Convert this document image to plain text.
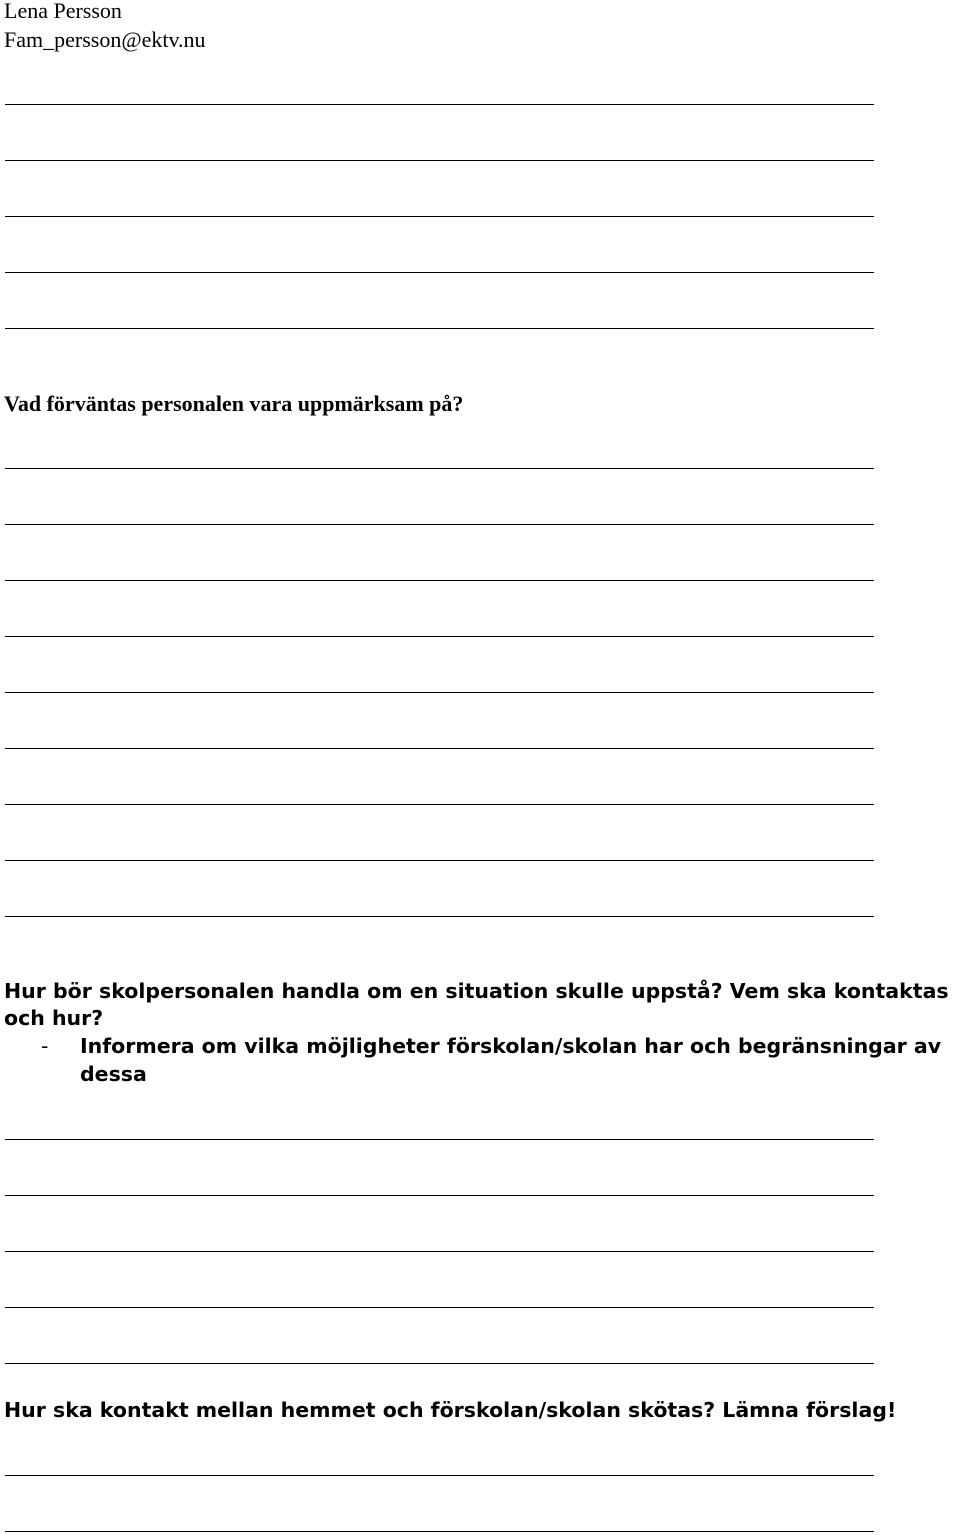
Lena Persson

Fam_persson@ektv.nu

Vad förväntas personalen vara uppmärksam på?

Hur bör skolpersonalen handla om en situation skulle uppstå? Vem ska kontaktas

och hur?

- Informera om vilka möjligheter förskolan/skolan har och begränsningar av

dessa

Hur ska kontakt mellan hemmet och förskolan/skolan skötas? Lämna förslag!
